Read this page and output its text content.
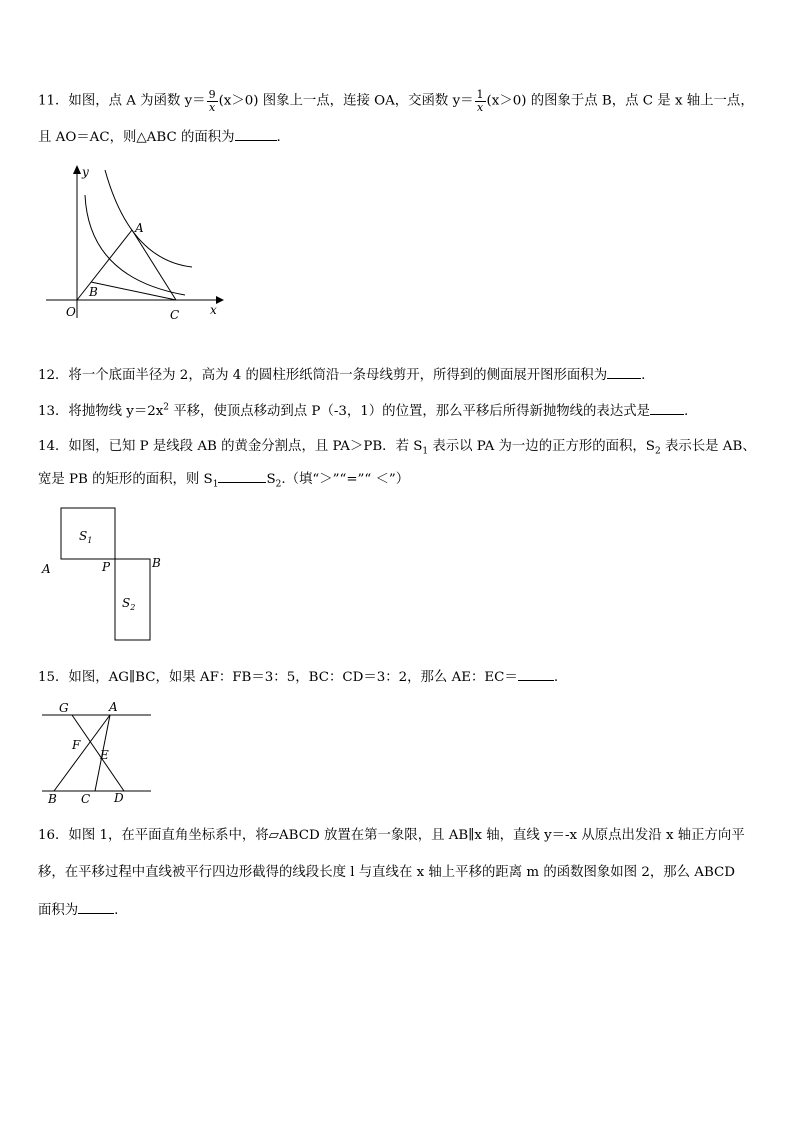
11．如图，点 A 为函数 $y= \frac{9}{x} (x>0)$ 图象上一点，连接 OA，交函数 $y= \frac{1}{x} (x>0)$ 的图象于点 B，点 C 是 x 轴上一点，
且 AO＝AC，则△ABC 的面积为	.
y
A
B
O	C	x
12．将一个底面半径为 2，高为 4 的圆柱形纸筒沿一条母线剪开，所得到的侧面展开图形面积为	.
13．将抛物线 $y=2x^2$ 平移，使顶点移动到点 P（-3，1）的位置，那么平移后所得新抛物线的表达式是	.
14．如图，已知 P 是线段 AB 的黄金分割点，且 PA＞PB．若 $S_1$ 表示以 PA 为一边的正方形的面积，$S_2$ 表示长是 AB、
宽是 PB 的矩形的面积，则 $S_1$	$S_2$.（填“＞”“=”“ ＜”）
$S_1$
$S_2$
A	P	B
15．如图，AG∥BC，如果 AF：FB＝3：5，BC：CD＝3：2，那么 AE：EC＝	.
G	A
F
E
B C D
16．如图 1，在平面直角坐标系中，将▱ABCD 放置在第一象限，且 AB∥x 轴，直线 y＝-x 从原点出发沿 x 轴正方向平
移，在平移过程中直线被平行四边形截得的线段长度 l 与直线在 x 轴上平移的距离 m 的函数图象如图 2，那么 ABCD
面积为	.
